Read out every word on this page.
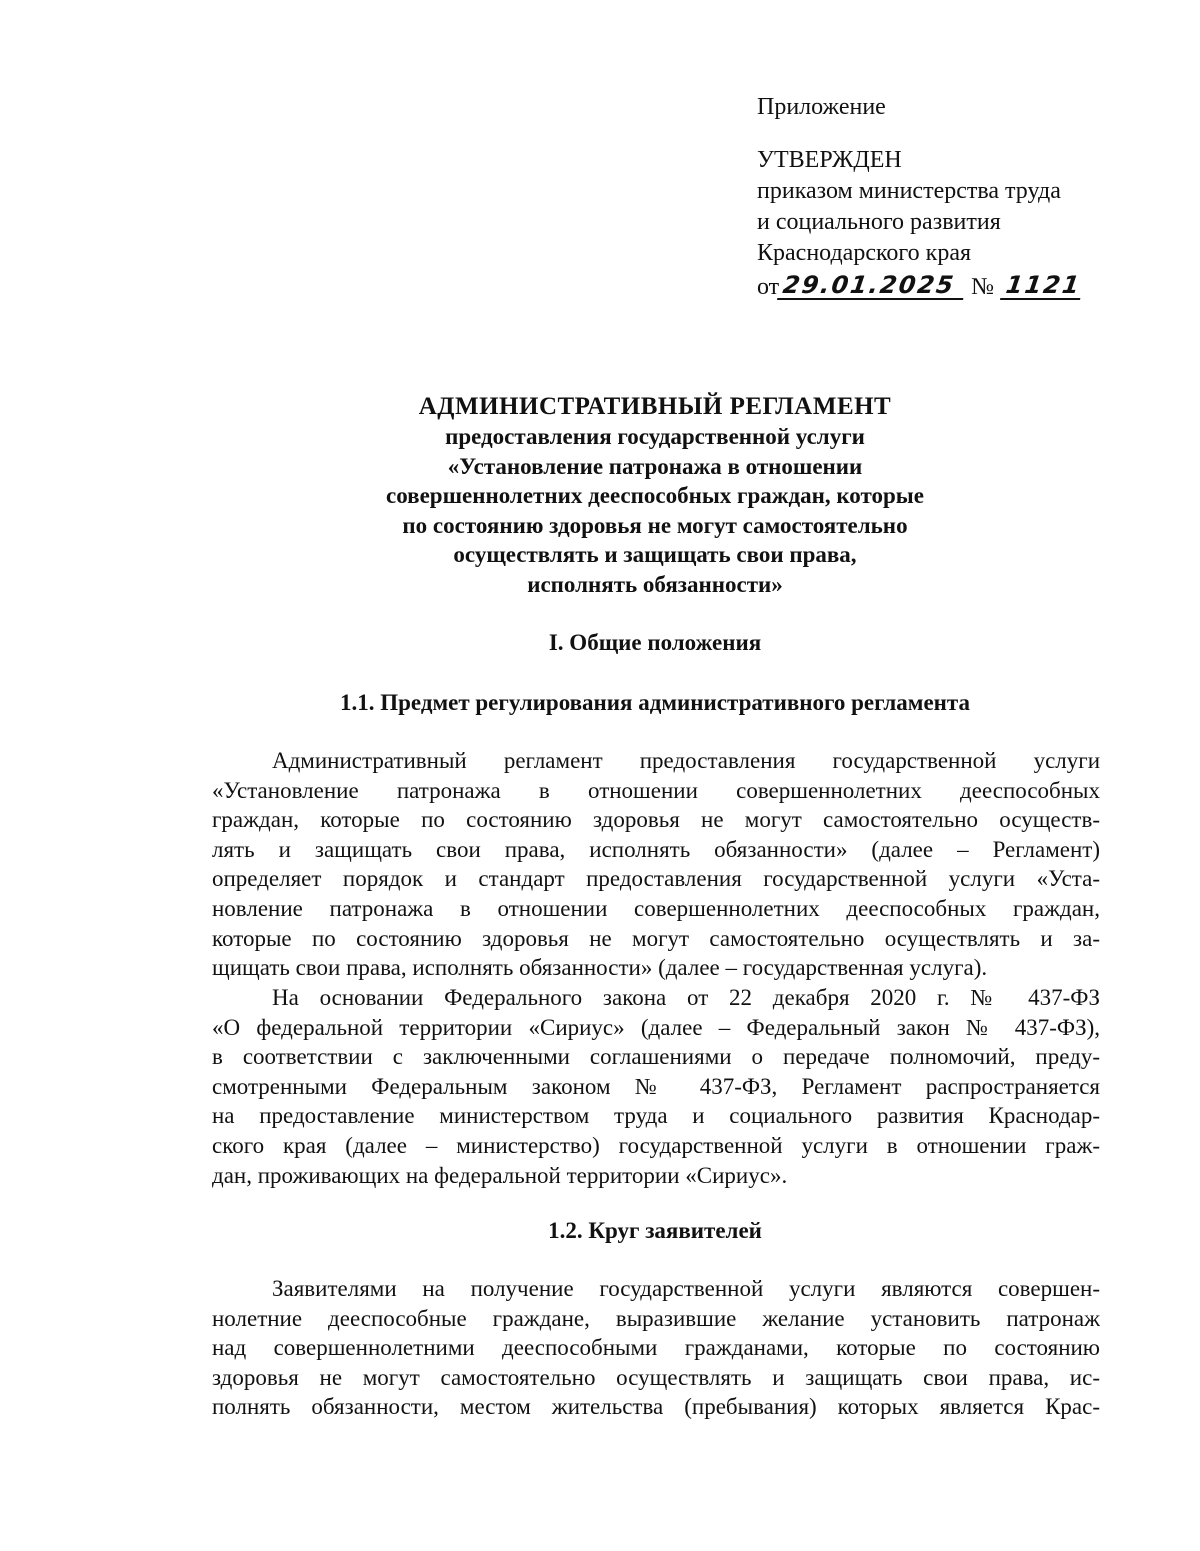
Приложение
УТВЕРЖДЕН
приказом министерства труда
и социального развития
Краснодарского края
от 29.01.2025 № 1121
АДМИНИСТРАТИВНЫЙ РЕГЛАМЕНТ
предоставления государственной услуги
«Установление патронажа в отношении
совершеннолетних дееспособных граждан, которые
по состоянию здоровья не могут самостоятельно
осуществлять и защищать свои права,
исполнять обязанности»
I. Общие положения
1.1. Предмет регулирования административного регламента
Административный регламент предоставления государственной услуги
«Установление патронажа в отношении совершеннолетних дееспособных
граждан, которые по состоянию здоровья не могут самостоятельно осуществ-
лять и защищать свои права, исполнять обязанности» (далее – Регламент)
определяет порядок и стандарт предоставления государственной услуги «Уста-
новление патронажа в отношении совершеннолетних дееспособных граждан,
которые по состоянию здоровья не могут самостоятельно осуществлять и за-
щищать свои права, исполнять обязанности» (далее – государственная услуга).
На основании Федерального закона от 22 декабря 2020 г. № 437-ФЗ
«О федеральной территории «Сириус» (далее – Федеральный закон № 437-ФЗ),
в соответствии с заключенными соглашениями о передаче полномочий, преду-
смотренными Федеральным законом № 437-ФЗ, Регламент распространяется
на предоставление министерством труда и социального развития Краснодар-
ского края (далее – министерство) государственной услуги в отношении граж-
дан, проживающих на федеральной территории «Сириус».
1.2. Круг заявителей
Заявителями на получение государственной услуги являются совершен-
нолетние дееспособные граждане, выразившие желание установить патронаж
над совершеннолетними дееспособными гражданами, которые по состоянию
здоровья не могут самостоятельно осуществлять и защищать свои права, ис-
полнять обязанности, местом жительства (пребывания) которых является Крас-
